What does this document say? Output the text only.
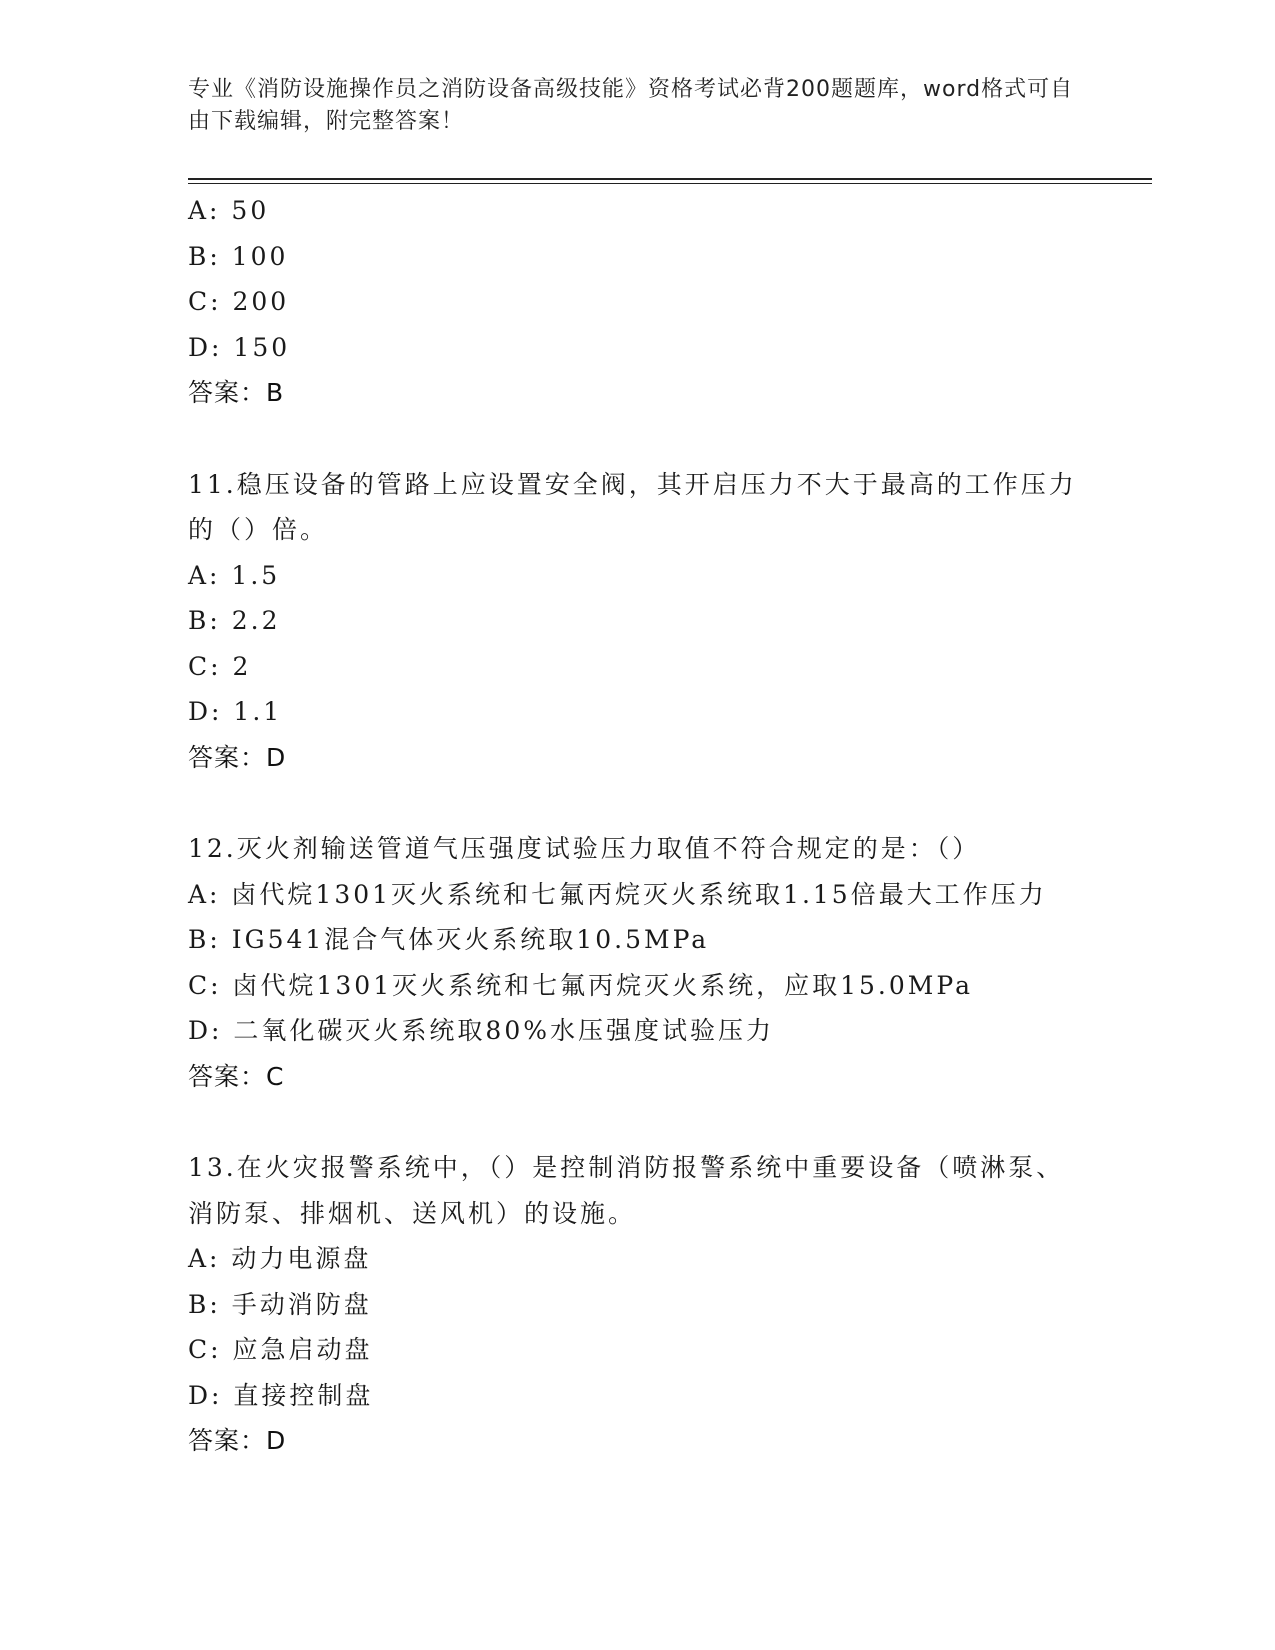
专业《消防设施操作员之消防设备高级技能》资格考试必背200题题库，word格式可自由下载编辑，附完整答案！
A: 50
B: 100
C: 200
D: 150
答案：B
11.稳压设备的管路上应设置安全阀，其开启压力不大于最高的工作压力的（）倍。
A: 1.5
B: 2.2
C: 2
D: 1.1
答案：D
12.灭火剂输送管道气压强度试验压力取值不符合规定的是：（）
A: 卤代烷1301灭火系统和七氟丙烷灭火系统取1.15倍最大工作压力
B: IG541混合气体灭火系统取10.5MPa
C: 卤代烷1301灭火系统和七氟丙烷灭火系统，应取15.0MPa
D: 二氧化碳灭火系统取80%水压强度试验压力
答案：C
13.在火灾报警系统中，（）是控制消防报警系统中重要设备（喷淋泵、消防泵、排烟机、送风机）的设施。
A: 动力电源盘
B: 手动消防盘
C: 应急启动盘
D: 直接控制盘
答案：D
